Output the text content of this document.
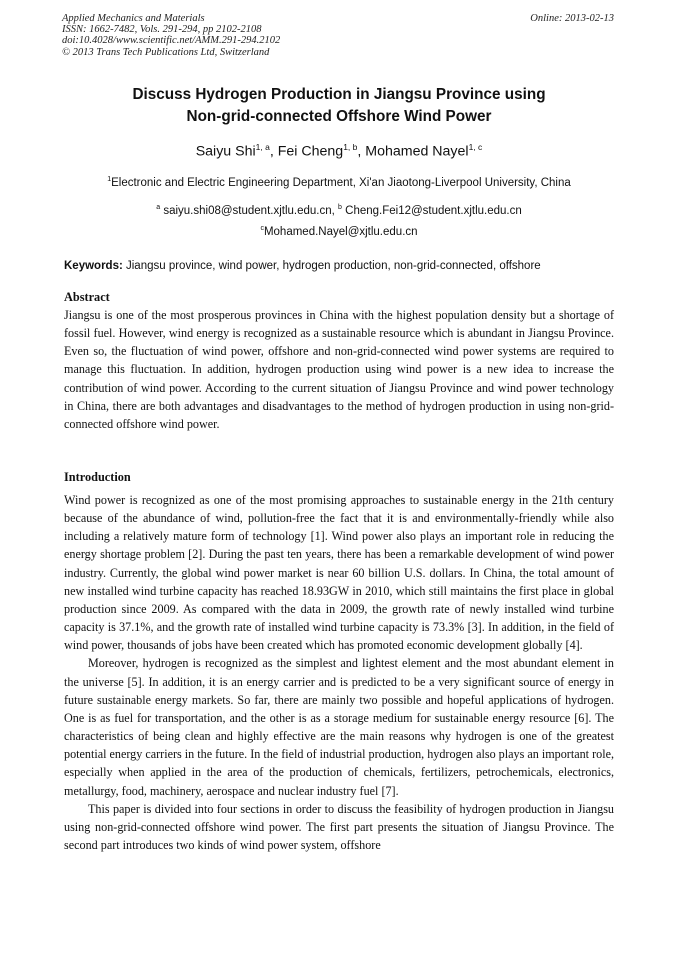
Applied Mechanics and Materials
ISSN: 1662-7482, Vols. 291-294, pp 2102-2108
doi:10.4028/www.scientific.net/AMM.291-294.2102
© 2013 Trans Tech Publications Ltd, Switzerland
Online: 2013-02-13
Discuss Hydrogen Production in Jiangsu Province using
Non-grid-connected Offshore Wind Power
Saiyu Shi$^{1, a}$, Fei Cheng$^{1, b}$, Mohamed Nayel$^{1, c}$
$^1$Electronic and Electric Engineering Department, Xi'an Jiaotong-Liverpool University, China
$^a$ saiyu.shi08@student.xjtlu.edu.cn, $^b$ Cheng.Fei12@student.xjtlu.edu.cn
$^c$Mohamed.Nayel@xjtlu.edu.cn
Keywords: Jiangsu province, wind power, hydrogen production, non-grid-connected, offshore
Abstract

Jiangsu is one of the most prosperous provinces in China with the highest population density but a shortage of fossil fuel. However, wind energy is recognized as a sustainable resource which is abundant in Jiangsu Province. Even so, the fluctuation of wind power, offshore and non-grid-connected wind power systems are required to manage this fluctuation. In addition, hydrogen production using wind power is a new idea to increase the contribution of wind power. According to the current situation of Jiangsu Province and wind power technology in China, there are both advantages and disadvantages to the method of hydrogen production in using non-grid-connected offshore wind power.

Introduction

Wind power is recognized as one of the most promising approaches to sustainable energy in the 21th century because of the abundance of wind, pollution-free the fact that it is and environmentally-friendly while also including a relatively mature form of technology [1]. Wind power also plays an important role in reducing the energy shortage problem [2]. During the past ten years, there has been a remarkable development of wind power industry. Currently, the global wind power market is near 60 billion U.S. dollars. In China, the total amount of new installed wind turbine capacity has reached 18.93GW in 2010, which still maintains the first place in global production since 2009. As compared with the data in 2009, the growth rate of newly installed wind turbine capacity is 37.1%, and the growth rate of installed wind turbine capacity is 73.3% [3]. In addition, in the field of wind power, thousands of jobs have been created which has promoted economic development globally [4].

Moreover, hydrogen is recognized as the simplest and lightest element and the most abundant element in the universe [5]. In addition, it is an energy carrier and is predicted to be a very significant source of energy in future sustainable energy markets. So far, there are mainly two possible and hopeful applications of hydrogen. One is as fuel for transportation, and the other is as a storage medium for sustainable energy resource [6]. The characteristics of being clean and highly effective are the main reasons why hydrogen is one of the greatest potential energy carriers in the future. In the field of industrial production, hydrogen also plays an important role, especially when applied in the area of the production of chemicals, fertilizers, petrochemicals, electronics, metallurgy, food, machinery, aerospace and nuclear industry fuel [7].

This paper is divided into four sections in order to discuss the feasibility of hydrogen production in Jiangsu using non-grid-connected offshore wind power. The first part presents the situation of Jiangsu Province. The second part introduces two kinds of wind power system, offshore
